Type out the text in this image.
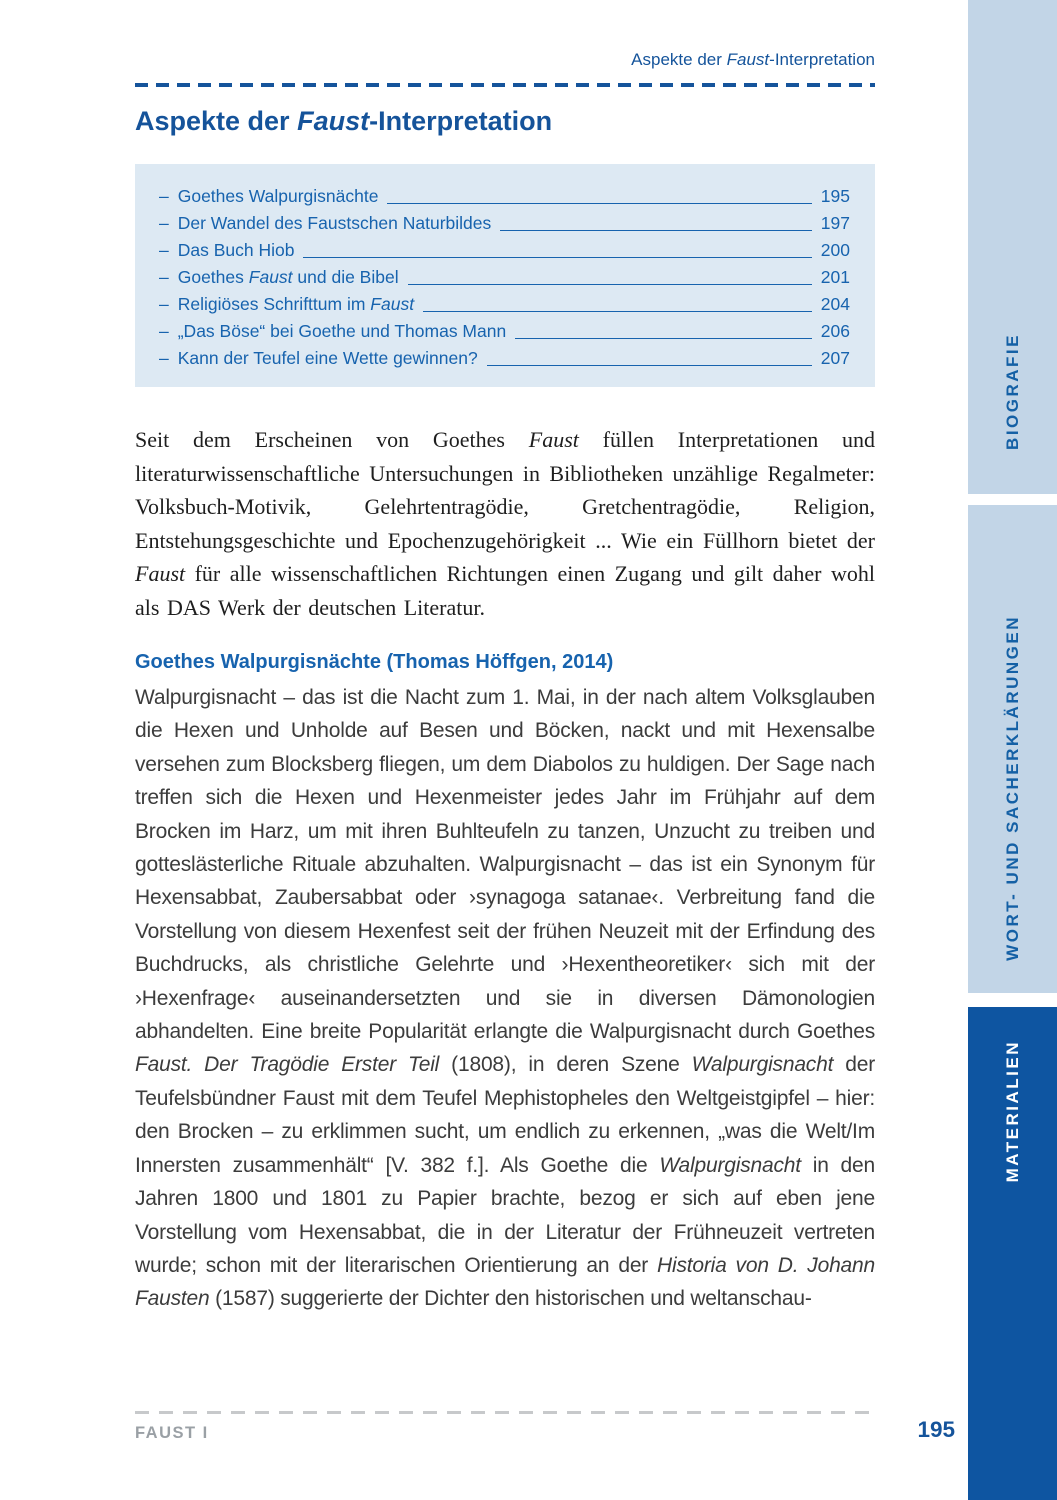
Aspekte der Faust-Interpretation
Aspekte der Faust-Interpretation
– Goethes Walpurgisnächte	195
– Der Wandel des Faustschen Naturbildes	197
– Das Buch Hiob	200
– Goethes Faust und die Bibel	201
– Religiöses Schrifttum im Faust	204
– „Das Böse“ bei Goethe und Thomas Mann	206
– Kann der Teufel eine Wette gewinnen?	207

Seit dem Erscheinen von Goethes Faust füllen Interpretationen und literaturwissenschaftliche Untersuchungen in Bibliotheken unzählige Regalmeter: Volksbuch-Motivik, Gelehrtentragödie, Gretchentragödie, Religion, Entstehungsgeschichte und Epochenzugehörigkeit ... Wie ein Füllhorn bietet der Faust für alle wissenschaftlichen Richtungen einen Zugang und gilt daher wohl als DAS Werk der deutschen Literatur.

Goethes Walpurgisnächte (Thomas Höffgen, 2014)

Walpurgisnacht – das ist die Nacht zum 1. Mai, in der nach altem Volksglauben die Hexen und Unholde auf Besen und Böcken, nackt und mit Hexensalbe versehen zum Blocksberg fliegen, um dem Diabolos zu huldigen. Der Sage nach treffen sich die Hexen und Hexenmeister jedes Jahr im Frühjahr auf dem Brocken im Harz, um mit ihren Buhlteufeln zu tanzen, Unzucht zu treiben und gotteslästerliche Rituale abzuhalten. Walpurgisnacht – das ist ein Synonym für Hexensabbat, Zaubersabbat oder ›synagoga satanae‹. Verbreitung fand die Vorstellung von diesem Hexenfest seit der frühen Neuzeit mit der Erfindung des Buchdrucks, als christliche Gelehrte und ›Hexentheoretiker‹ sich mit der ›Hexenfrage‹ auseinandersetzten und sie in diversen Dämonologien abhandelten. Eine breite Popularität erlangte die Walpurgisnacht durch Goethes Faust. Der Tragödie Erster Teil (1808), in deren Szene Walpurgisnacht der Teufelsbündner Faust mit dem Teufel Mephistopheles den Weltgeistgipfel – hier: den Brocken – zu erklimmen sucht, um endlich zu erkennen, „was die Welt/Im Innersten zusammenhält“ [V. 382 f.]. Als Goethe die Walpurgisnacht in den Jahren 1800 und 1801 zu Papier brachte, bezog er sich auf eben jene Vorstellung vom Hexensabbat, die in der Literatur der Frühneuzeit vertreten wurde; schon mit der literarischen Orientierung an der Historia von D. Johann Fausten (1587) suggerierte der Dichter den historischen und weltanschau-

FAUST I	195
BIOGRAFIE
WORT- UND SACHERKLÄRUNGEN
MATERIALIEN
